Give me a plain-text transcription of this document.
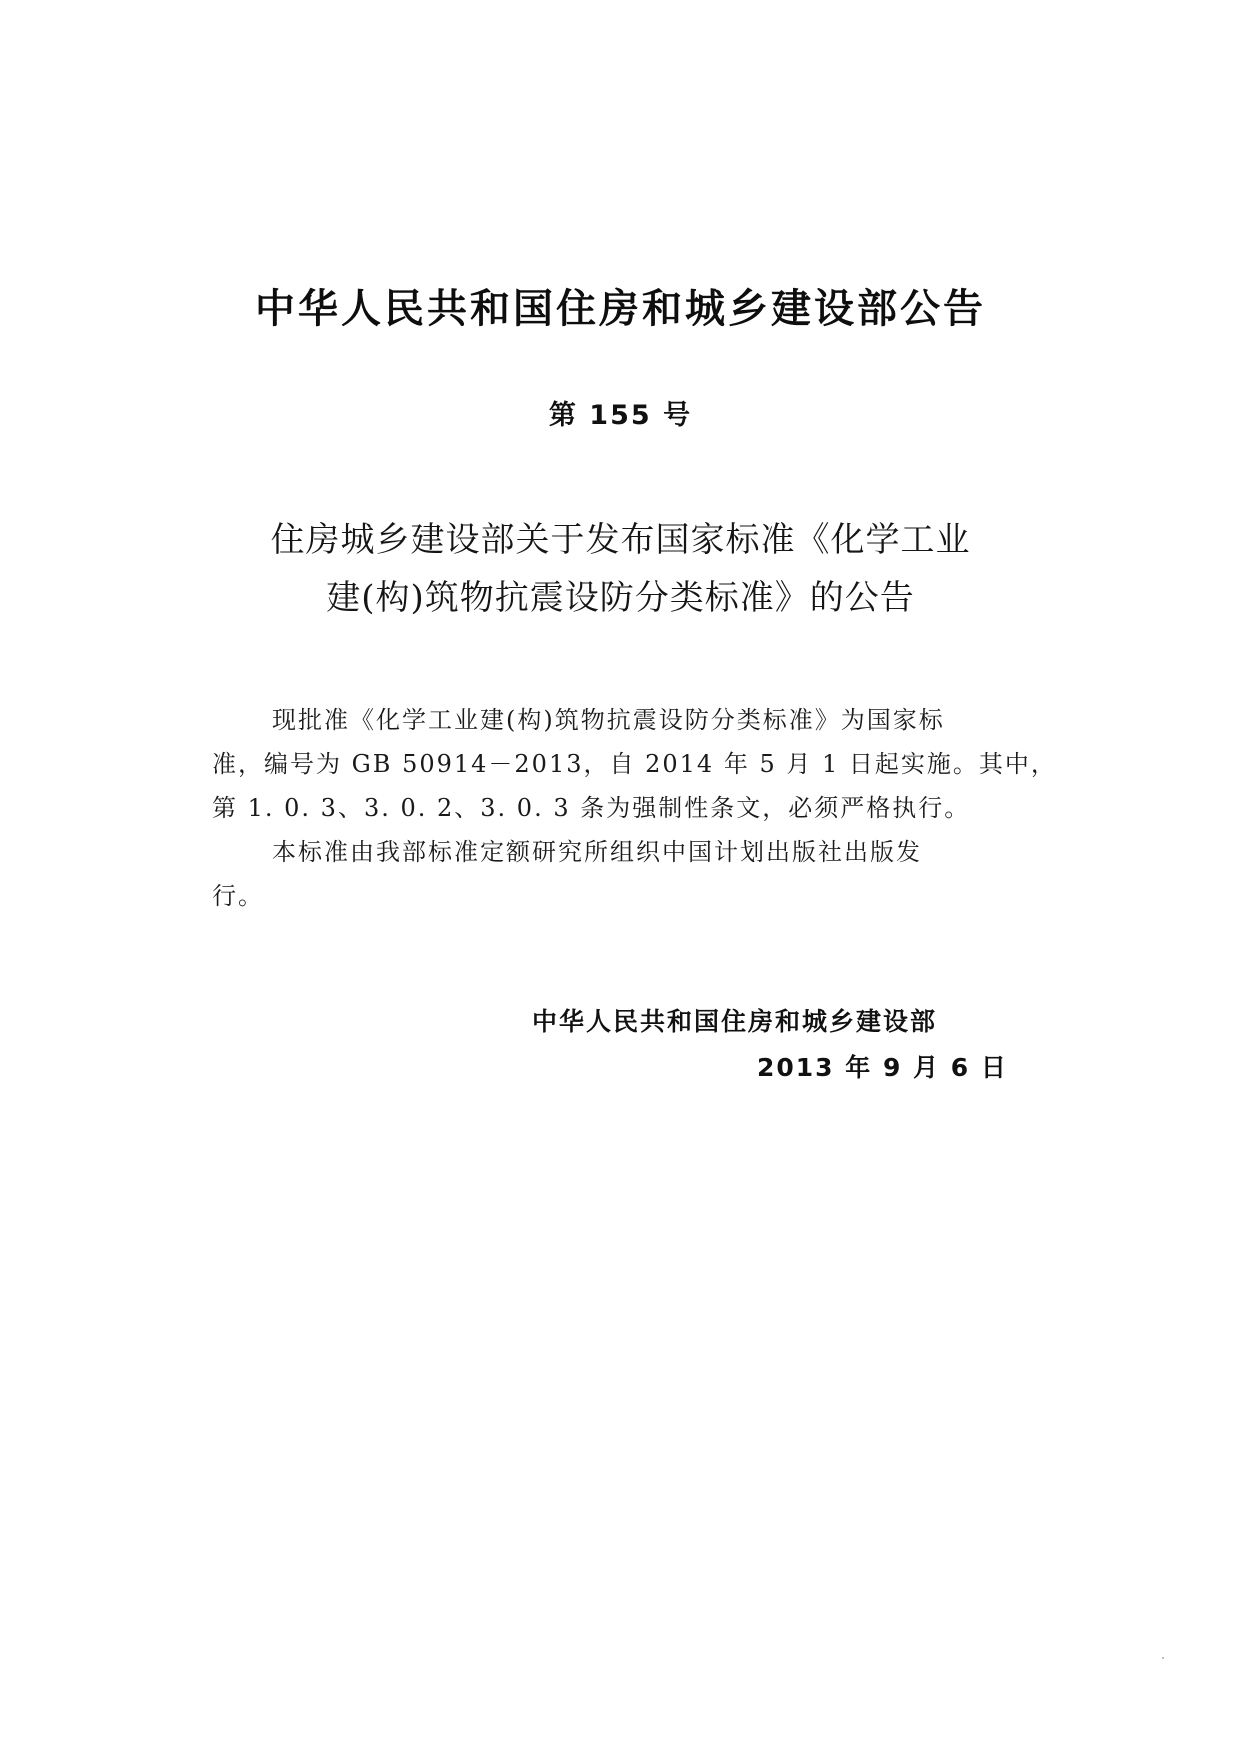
中华人民共和国住房和城乡建设部公告
第 155 号
住房城乡建设部关于发布国家标准《化学工业
建(构)筑物抗震设防分类标准》的公告
现批准《化学工业建(构)筑物抗震设防分类标准》为国家标
准，编号为 GB 50914－2013，自 2014 年 5 月 1 日起实施。其中，
第 1. 0. 3、3. 0. 2、3. 0. 3 条为强制性条文，必须严格执行。
本标准由我部标准定额研究所组织中国计划出版社出版发
行。
中华人民共和国住房和城乡建设部
2013 年 9 月 6 日
